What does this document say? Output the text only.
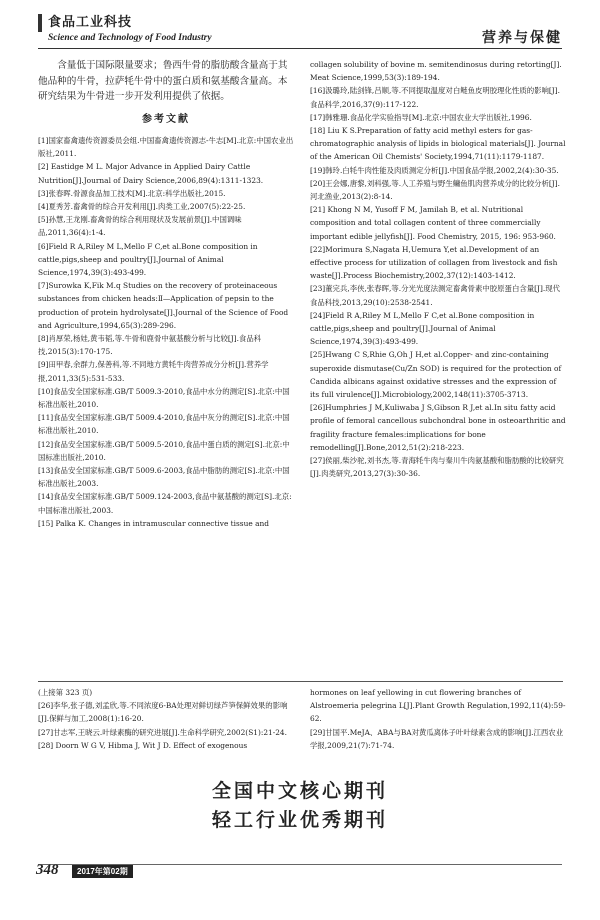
食品工业科技
Science and Technology of Food Industry	营养与保健

含量低于国际限量要求；鲁西牛骨的脂肪酸含量高于其他品种的牛骨，拉萨牦牛骨中的蛋白质和氨基酸含量高。本研究结果为牛骨进一步开发利用提供了依据。

参考文献

[1]国家畜禽遗传资源委员会组.中国畜禽遗传资源志-牛志[M].北京:中国农业出版社,2011.

[2] Eastidge M L. Major Advance in Applied Dairy Cattle Nutrition[J].Journal of Dairy Science,2006,89(4):1311-1323.

[3]张春晖.骨源食品加工技术[M].北京:科学出版社,2015.

[4]夏秀芳.畜禽骨的综合开发利用[J].肉类工业,2007(5):22-25.

[5]孙慧,王龙刚.畜禽骨的综合利用现状及发展前景[J].中国调味品,2011,36(4):1-4.

[6]Field R A,Riley M L,Mello F C,et al.Bone composition in cattle,pigs,sheep and poultry[J].Journal of Animal Science,1974,39(3):493-499.

[7]Surowka K,Fik M.q Studies on the recovery of proteinaceous substances from chicken heads:Ⅱ—Application of pepsin to the production of protein hydrolysate[J].Journal of the Science of Food and Agriculture,1994,65(3):289-296.

[8]肖厚荣,杨娃,黄韦韬,等.牛骨和鹿骨中氨基酸分析与比较[J].食品科技,2015(3):170-175.

[9]田甲春,余群力,保善科,等.不同地方黄牦牛肉营养成分分析[J].营养学报,2011,33(5):531-533.

[10]食品安全国家标准.GB/T 5009.3-2010,食品中水分的测定[S].北京:中国标准出版社,2010.

[11]食品安全国家标准.GB/T 5009.4-2010,食品中灰分的测定[S].北京:中国标准出版社,2010.

[12]食品安全国家标准.GB/T 5009.5-2010,食品中蛋白质的测定[S].北京:中国标准出版社,2010.

[13]食品安全国家标准.GB/T 5009.6-2003,食品中脂肪的测定[S].北京:中国标准出版社,2003.

[14]食品安全国家标准.GB/T 5009.124-2003,食品中氨基酸的测定[S].北京:中国标准出版社,2003.

[15] Palka K. Changes in intramuscular connective tissue and

collagen solubility of bovine m. semitendinosus during retorting[J]. Meat Science,1999,53(3):189-194.

[16]汲璐玲,陆剑锋,吕顺,等.不同提取温度对白鲢鱼皮明胶理化性质的影响[J].食品科学,2016,37(9):117-122.

[17]韩雅珊.食品化学实验指导[M].北京:中国农业大学出版社,1996.

[18] Liu K S.Preparation of fatty acid methyl esters for gas-chromatographic analysis of lipids in biological materials[J]. Journal of the American Oil Chemists' Society,1994,71(11):1179-1187.

[19]韩玲.白牦牛肉性能及肉质测定分析[J].中国食品学报,2002,2(4):30-35.

[20]王会娜,唐黎,刘科强,等.人工养殖与野生鳙鱼肌肉营养成分的比较分析[J].河北渔业,2013(2):8-14.

[21] Khong N M, Yusoff F M, Jamilah B, et al. Nutritional composition and total collagen content of three commercially important edible jellyfish[J]. Food Chemistry, 2015, 196: 953-960.

[22]Morimura S,Nagata H,Uemura Y,et al.Development of an effective process for utilization of collagen from livestock and fish waste[J].Process Biochemistry,2002,37(12):1403-1412.

[23]董完兵,李侠,张春晖,等.分光光度法测定畜禽骨素中胶原蛋白含量[J].现代食品科技,2013,29(10):2538-2541.

[24]Field R A,Riley M L,Mello F C,et al.Bone composition in cattle,pigs,sheep and poultry[J].Journal of Animal Science,1974,39(3):493-499.

[25]Hwang C S,Rhie G,Oh J H,et al.Copper- and zinc-containing superoxide dismutase(Cu/Zn SOD) is required for the protection of Candida albicans against oxidative stresses and the expression of its full virulence[J].Microbiology,2002,148(11):3705-3713.

[26]Humphries J M,Kuliwaba J S,Gibson R J,et al.In situ fatty acid profile of femoral cancellous subchondral bone in osteoarthritic and fragility fracture females:implications for bone remodelling[J].Bone,2012,51(2):218-223.

[27]侯丽,柴沙驼,刘书杰,等.青海牦牛肉与秦川牛肉氨基酸和脂肪酸的比较研究[J].肉类研究,2013,27(3):30-36.

(上接第 323 页)

[26]李华,张子德,刘孟欣,等.不同浓度6-BA处理对鲜切绿芦笋保鲜效果的影响[J].保鲜与加工,2008(1):16-20.

[27]甘志军,王晓云.叶绿素酶的研究进展[J].生命科学研究,2002(S1):21-24.

[28] Doorn W G V, Hibma J, Wit J D. Effect of exogenous

hormones on leaf yellowing in cut flowering branches of Alstroemeria pelegrina L[J].Plant Growth Regulation,1992,11(4):59-62.

[29]甘国平.MeJA、ABA与BA对黄瓜离体子叶叶绿素含成的影响[J].江西农业学报,2009,21(7):71-74.

全国中文核心期刊
轻工行业优秀期刊
348	2017年第02期
